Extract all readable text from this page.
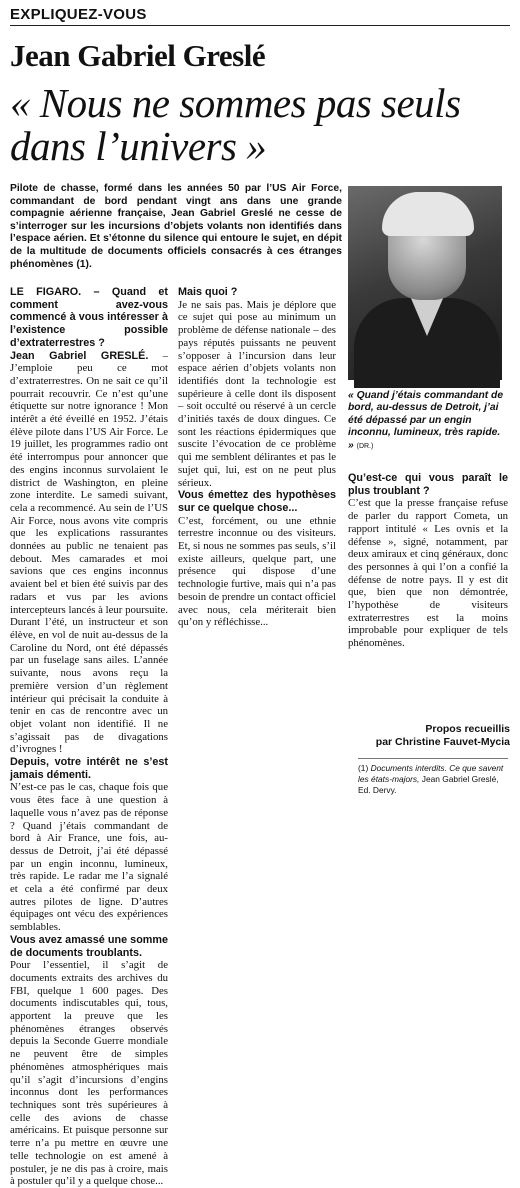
EXPLIQUEZ-VOUS
Jean Gabriel Greslé
« Nous ne sommes pas seuls dans l’univers »
Pilote de chasse, formé dans les années 50 par l’US Air Force, commandant de bord pendant vingt ans dans une grande compagnie aérienne française, Jean Gabriel Greslé ne cesse de s’interroger sur les incursions d’objets volants non identifiés dans l’espace aérien. Et s’étonne du silence qui entoure le sujet, en dépit de la multitude de documents officiels consacrés à ces étranges phénomènes (1).
« Quand j’étais commandant de bord, au-dessus de Detroit, j’ai été dépassé par un engin inconnu, lumineux, très rapide. » (DR.)

LE FIGARO. – Quand et comment avez-vous commencé à vous intéresser à l’existence possible d’extraterrestres ?

Jean Gabriel GRESLÉ. – J’emploie peu ce mot d’extraterrestres. On ne sait ce qu’il pourrait recouvrir. Ce n’est qu’une étiquette sur notre ignorance ! Mon intérêt a été éveillé en 1952. J’étais élève pilote dans l’US Air Force. Le 19 juillet, les programmes radio ont été interrompus pour annoncer que des engins inconnus survolaient le district de Washington, en pleine zone interdite. Le samedi suivant, cela a recommencé. Au sein de l’US Air Force, nous avons vite compris que les explications rassurantes données au public ne tenaient pas debout. Mes camarades et moi savions que ces engins inconnus avaient bel et bien été suivis par des radars et vus par les avions intercepteurs lancés à leur poursuite. Durant l’été, un instructeur et son élève, en vol de nuit au-dessus de la Caroline du Nord, ont été dépassés par un fuselage sans ailes. L’année suivante, nous avons reçu la première version d’un règlement intérieur qui précisait la conduite à tenir en cas de rencontre avec un objet volant non identifié. Il ne s’agissait pas de divagations d’ivrognes !

Depuis, votre intérêt ne s’est jamais démenti.

N’est-ce pas le cas, chaque fois que vous êtes face à une question à laquelle vous n’avez pas de réponse ? Quand j’étais commandant de bord à Air France, une fois, au-dessus de Detroit, j’ai été dépassé par un engin inconnu, lumineux, très rapide. Le radar me l’a signalé et cela a été confirmé par deux autres pilotes de ligne. D’autres équipages ont vécu des expériences semblables.

Vous avez amassé une somme de documents troublants.

Pour l’essentiel, il s’agit de documents extraits des archives du FBI, quelque 1 600 pages. Des documents indiscutables qui, tous, apportent la preuve que les phénomènes étranges observés depuis la Seconde Guerre mondiale ne peuvent être de simples phénomènes atmosphériques mais qu’il s’agit d’incursions d’engins inconnus dont les performances techniques sont très supérieures à celle des avions de chasse américains. Et puisque personne sur terre n’a pu mettre en œuvre une telle technologie on est amené à postuler, je ne dis pas à croire, mais à postuler qu’il y a quelque chose...

Mais quoi ?

Je ne sais pas. Mais je déplore que ce sujet qui pose au minimum un problème de défense nationale – des pays réputés puissants ne peuvent s’opposer à l’incursion dans leur espace aérien d’objets volants non identifiés dont la technologie est supérieure à celle dont ils disposent – soit occulté ou réservé à un cercle d’initiés taxés de doux dingues. Ce sont les réactions épidermiques que suscite l’évocation de ce problème qui me semblent délirantes et pas le sujet qui, lui, est on ne peut plus sérieux.

Vous émettez des hypothèses sur ce quelque chose...

C’est, forcément, ou une ethnie terrestre inconnue ou des visiteurs. Et, si nous ne sommes pas seuls, s’il existe ailleurs, quelque part, une présence qui dispose d’une technologie furtive, mais qui n’a pas besoin de prendre un contact officiel avec nous, cela mériterait bien qu’on y réfléchisse...

Qu’est-ce qui vous paraît le plus troublant ?

C’est que la presse française refuse de parler du rapport Cometa, un rapport intitulé « Les ovnis et la défense », signé, notamment, par deux amiraux et cinq généraux, donc des personnes à qui l’on a confié la défense de notre pays. Il y est dit que, bien que non démontrée, l’hypothèse de visiteurs extraterrestres est la moins improbable pour expliquer de tels phénomènes.

Propos recueillis
par Christine Fauvet-Mycia
(1) Documents interdits. Ce que savent les états-majors, Jean Gabriel Greslé, Ed. Dervy.
